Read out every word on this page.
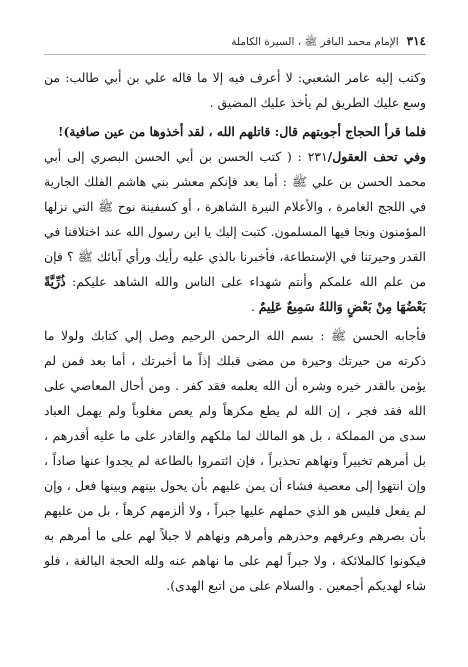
٣١٤
الإمام محمد الباقر ﷺ ، السيرة الكاملة

وكتب إليه عامر الشعبي: لا أعرف فيه إلا ما قاله علي بن أبي طالب: من وسع عليك الطريق لم يأخذ عليك المضيق .

فلما قرأ الحجاج أجوبتهم قال: قاتلهم الله ، لقد أخذوها من عين صافية)!

وفي تحف العقول/٢٣١ : ( كتب الحسن بن أبي الحسن البصري إلى أبي محمد الحسن بن علي ﷺ : أما بعد فإنكم معشر بني هاشم الفلك الجارية في اللجج الغامرة ، والأعلام النيرة الشاهرة ، أو كسفينة نوح ﷺ التي نزلها المؤمنون ونجا فيها المسلمون. كتبت إليك يا ابن رسول الله عند اختلافنا في القدر وحيرتنا في الإستطاعة، فأخبرنا بالذي عليه رأيك ورأي آبائك ﷺ ؟ فإن من علم الله علمكم وأنتم شهداء على الناس والله الشاهد عليكم: ذُرِّيَّةً بَعْضُهَا مِنْ بَعْضٍ وَاللهُ سَمِيعٌ عَلِيمٌ .

فأجابه الحسن ﷺ : بسم الله الرحمن الرحيم وصل إلي كتابك ولولا ما ذكرته من حيرتك وحيرة من مضى قبلك إذاً ما أخبرتك ، أما بعد فمن لم يؤمن بالقدر خيره وشره أن الله يعلمه فقد كفر . ومن أحال المعاصي على الله فقد فجر ، إن الله لم يطع مكرهاً ولم يعص مغلوباً ولم يهمل العباد سدى من المملكة ، بل هو المالك لما ملكهم والقادر على ما عليه أقدرهم ، بل أمرهم تخييراً ونهاهم تحذيراً ، فإن ائتمروا بالطاعة لم يجدوا عنها صاداً ، وإن انتهوا إلى معصية فشاء أن يمن عليهم بأن يحول بينهم وبينها فعل ، وإن لم يفعل فليس هو الذي حملهم عليها جبراً ، ولا ألزمهم كرهاً ، بل من عليهم بأن بصرهم وعرفهم وحذرهم وأمرهم ونهاهم لا جبلاً لهم على ما أمرهم به فيكونوا كالملائكة ، ولا جبراً لهم على ما نهاهم عنه ولله الحجة البالغة ، فلو شاء لهديكم أجمعين . والسلام على من اتبع الهدى).
